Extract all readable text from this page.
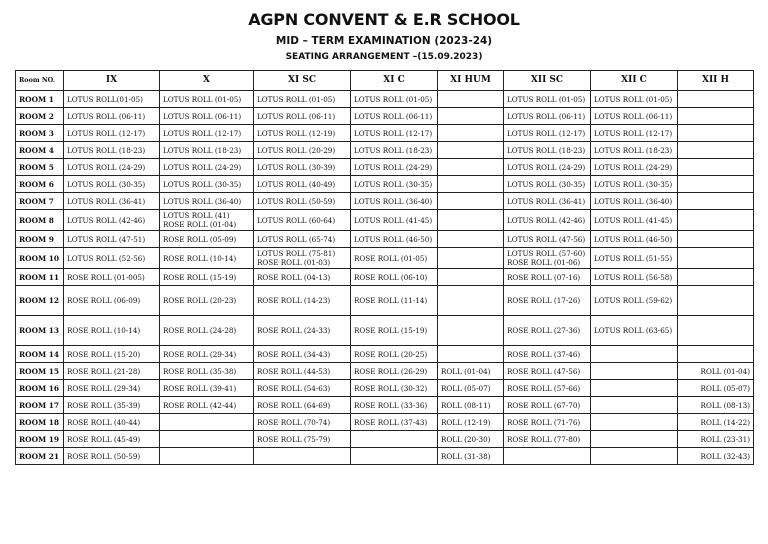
AGPN CONVENT & E.R SCHOOL
MID – TERM EXAMINATION (2023-24)
SEATING ARRANGEMENT –(15.09.2023)
Room NO.	IX	X	XI SC	XI C	XI HUM	XII SC	XII C	XII H
ROOM 1	LOTUS ROLL(01-05)	LOTUS ROLL (01-05)	LOTUS ROLL (01-05)	LOTUS ROLL (01-05)		LOTUS ROLL (01-05)	LOTUS ROLL (01-05)	

ROOM 2	LOTUS ROLL (06-11)	LOTUS ROLL (06-11)	LOTUS ROLL (06-11)	LOTUS ROLL (06-11)		LOTUS ROLL (06-11)	LOTUS ROLL (06-11)	

ROOM 3	LOTUS ROLL (12-17)	LOTUS ROLL (12-17)	LOTUS ROLL (12-19)	LOTUS ROLL (12-17)		LOTUS ROLL (12-17)	LOTUS ROLL (12-17)	

ROOM 4	LOTUS ROLL (18-23)	LOTUS ROLL (18-23)	LOTUS ROLL (20-29)	LOTUS ROLL (18-23)		LOTUS ROLL (18-23)	LOTUS ROLL (18-23)	

ROOM 5	LOTUS ROLL (24-29)	LOTUS ROLL (24-29)	LOTUS ROLL (30-39)	LOTUS ROLL (24-29)		LOTUS ROLL (24-29)	LOTUS ROLL (24-29)	

ROOM 6	LOTUS ROLL (30-35)	LOTUS ROLL (30-35)	LOTUS ROLL (40-49)	LOTUS ROLL (30-35)		LOTUS ROLL (30-35)	LOTUS ROLL (30-35)	

ROOM 7	LOTUS ROLL (36-41)	LOTUS ROLL (36-40)	LOTUS ROLL (50-59)	LOTUS ROLL (36-40)		LOTUS ROLL (36-41)	LOTUS ROLL (36-40)	

ROOM 8	LOTUS ROLL (42-46)	LOTUS ROLL (41)
ROSE ROLL (01-04)	LOTUS ROLL (60-64)	LOTUS ROLL (41-45)		LOTUS ROLL (42-46)	LOTUS ROLL (41-45)	

ROOM 9	LOTUS ROLL (47-51)	ROSE ROLL (05-09)	LOTUS ROLL (65-74)	LOTUS ROLL (46-50)		LOTUS ROLL (47-56)	LOTUS ROLL (46-50)	

ROOM 10	LOTUS ROLL (52-56)	ROSE ROLL (10-14)	LOTUS ROLL (75-81)
ROSE ROLL (01-03)	ROSE ROLL (01-05)		LOTUS ROLL (57-60)
ROSE ROLL (01-06)	LOTUS ROLL (51-55)	

ROOM 11	ROSE ROLL (01-005)	ROSE ROLL (15-19)	ROSE ROLL (04-13)	ROSE ROLL (06-10)		ROSE ROLL (07-16)	LOTUS ROLL (56-58)	

ROOM 12	ROSE ROLL (06-09)	ROSE ROLL (20-23)	ROSE ROLL (14-23)	ROSE ROLL (11-14)		ROSE ROLL (17-26)	LOTUS ROLL (59-62)	

ROOM 13	ROSE ROLL (10-14)	ROSE ROLL (24-28)	ROSE ROLL (24-33)	ROSE ROLL (15-19)		ROSE ROLL (27-36)	LOTUS ROLL (63-65)	

ROOM 14	ROSE ROLL (15-20)	ROSE ROLL (29-34)	ROSE ROLL (34-43)	ROSE ROLL (20-25)		ROSE ROLL (37-46)		

ROOM 15	ROSE ROLL (21-28)	ROSE ROLL (35-38)	ROSE ROLL (44-53)	ROSE ROLL (26-29)	ROLL (01-04)	ROSE ROLL (47-56)		ROLL (01-04)

ROOM 16	ROSE ROLL (29-34)	ROSE ROLL (39-41)	ROSE ROLL (54-63)	ROSE ROLL (30-32)	ROLL (05-07)	ROSE ROLL (57-66)		ROLL (05-07)

ROOM 17	ROSE ROLL (35-39)	ROSE ROLL (42-44)	ROSE ROLL (64-69)	ROSE ROLL (33-36)	ROLL (08-11)	ROSE ROLL (67-70)		ROLL (08-13)

ROOM 18	ROSE ROLL (40-44)		ROSE ROLL (70-74)	ROSE ROLL (37-43)	ROLL (12-19)	ROSE ROLL (71-76)		ROLL (14-22)

ROOM 19	ROSE ROLL (45-49)		ROSE ROLL (75-79)		ROLL (20-30)	ROSE ROLL (77-80)		ROLL (23-31)

ROOM 21	ROSE ROLL (50-59)				ROLL (31-38)			ROLL (32-43)
